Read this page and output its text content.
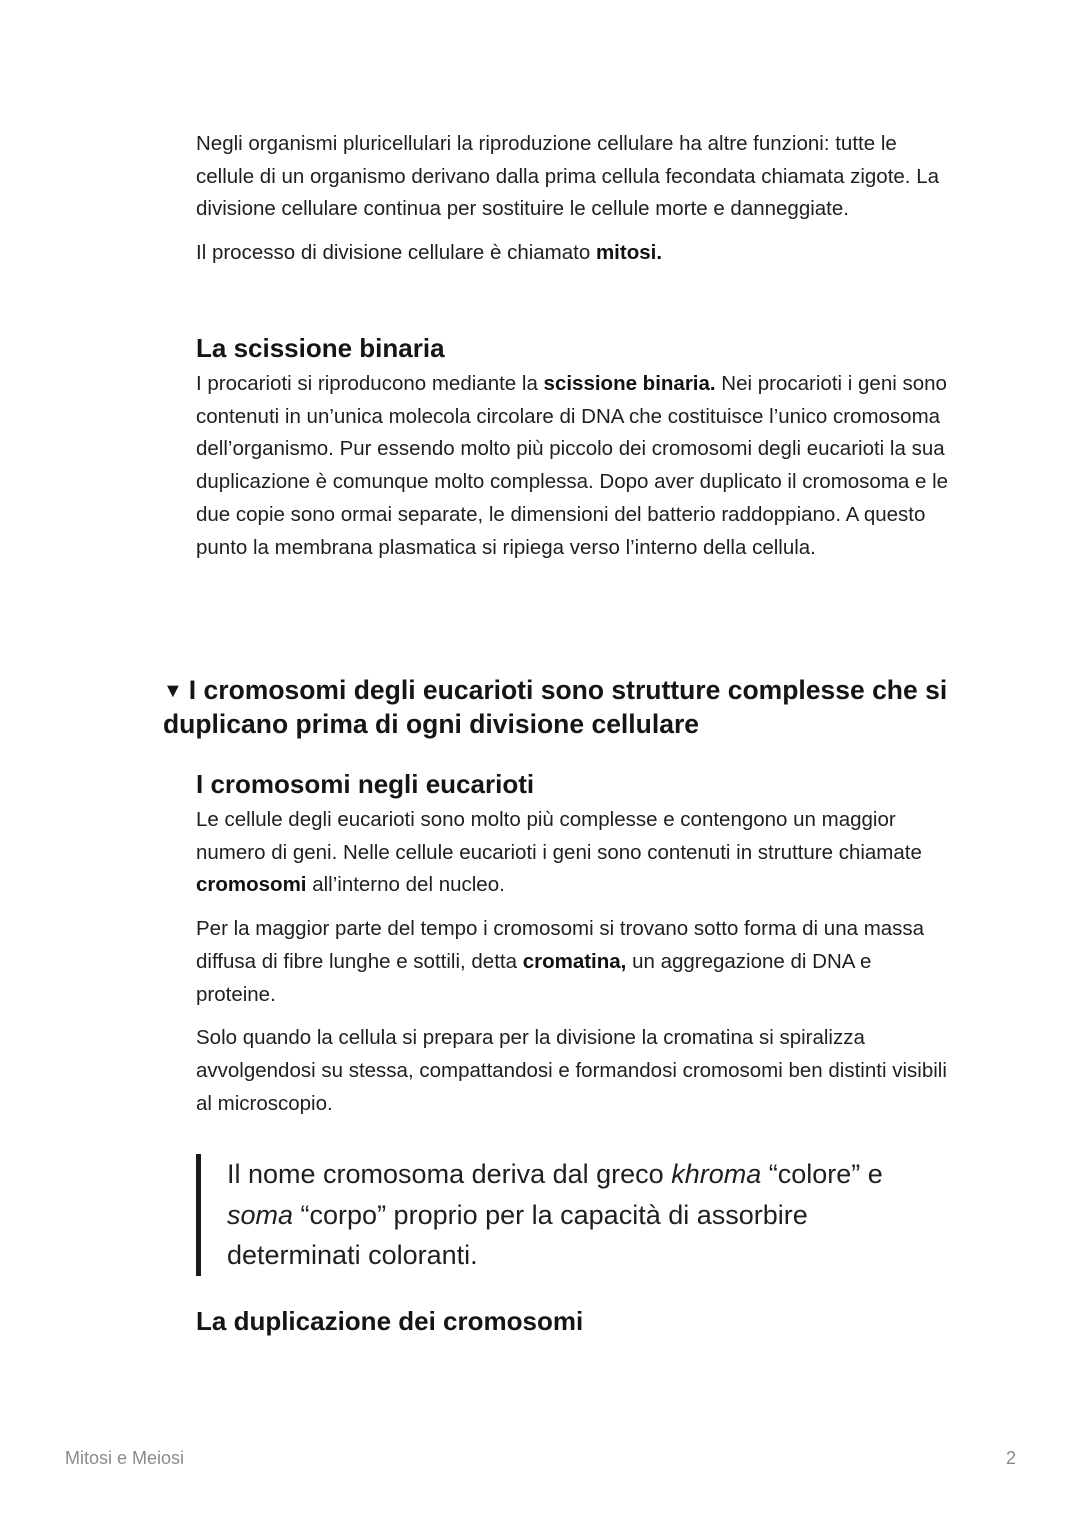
Negli organismi pluricellulari la riproduzione cellulare ha altre funzioni: tutte le cellule di un organismo derivano dalla prima cellula fecondata chiamata zigote. La divisione cellulare continua per sostituire le cellule morte e danneggiate.

Il processo di divisione cellulare è chiamato mitosi.

La scissione binaria

I procarioti si riproducono mediante la scissione binaria. Nei procarioti i geni sono contenuti in un’unica molecola circolare di DNA che costituisce l’unico cromosoma dell’organismo. Pur essendo molto più piccolo dei cromosomi degli eucarioti la sua duplicazione è comunque molto complessa. Dopo aver duplicato il cromosoma e le due copie sono ormai separate, le dimensioni del batterio raddoppiano. A questo punto la membrana plasmatica si ripiega verso l’interno della cellula.

▼ I cromosomi degli eucarioti sono strutture complesse che si duplicano prima di ogni divisione cellulare
I cromosomi negli eucarioti

Le cellule degli eucarioti sono molto più complesse e contengono un maggior numero di geni. Nelle cellule eucarioti i geni sono contenuti in strutture chiamate cromosomi all’interno del nucleo.

Per la maggior parte del tempo i cromosomi si trovano sotto forma di una massa diffusa di fibre lunghe e sottili, detta cromatina, un aggregazione di DNA e proteine.

Solo quando la cellula si prepara per la divisione la cromatina si spiralizza avvolgendosi su stessa, compattandosi e formandosi cromosomi ben distinti visibili al microscopio.

Il nome cromosoma deriva dal greco khroma “colore” e soma “corpo” proprio per la capacità di assorbire determinati coloranti.

La duplicazione dei cromosomi
Mitosi e Meiosi	2
